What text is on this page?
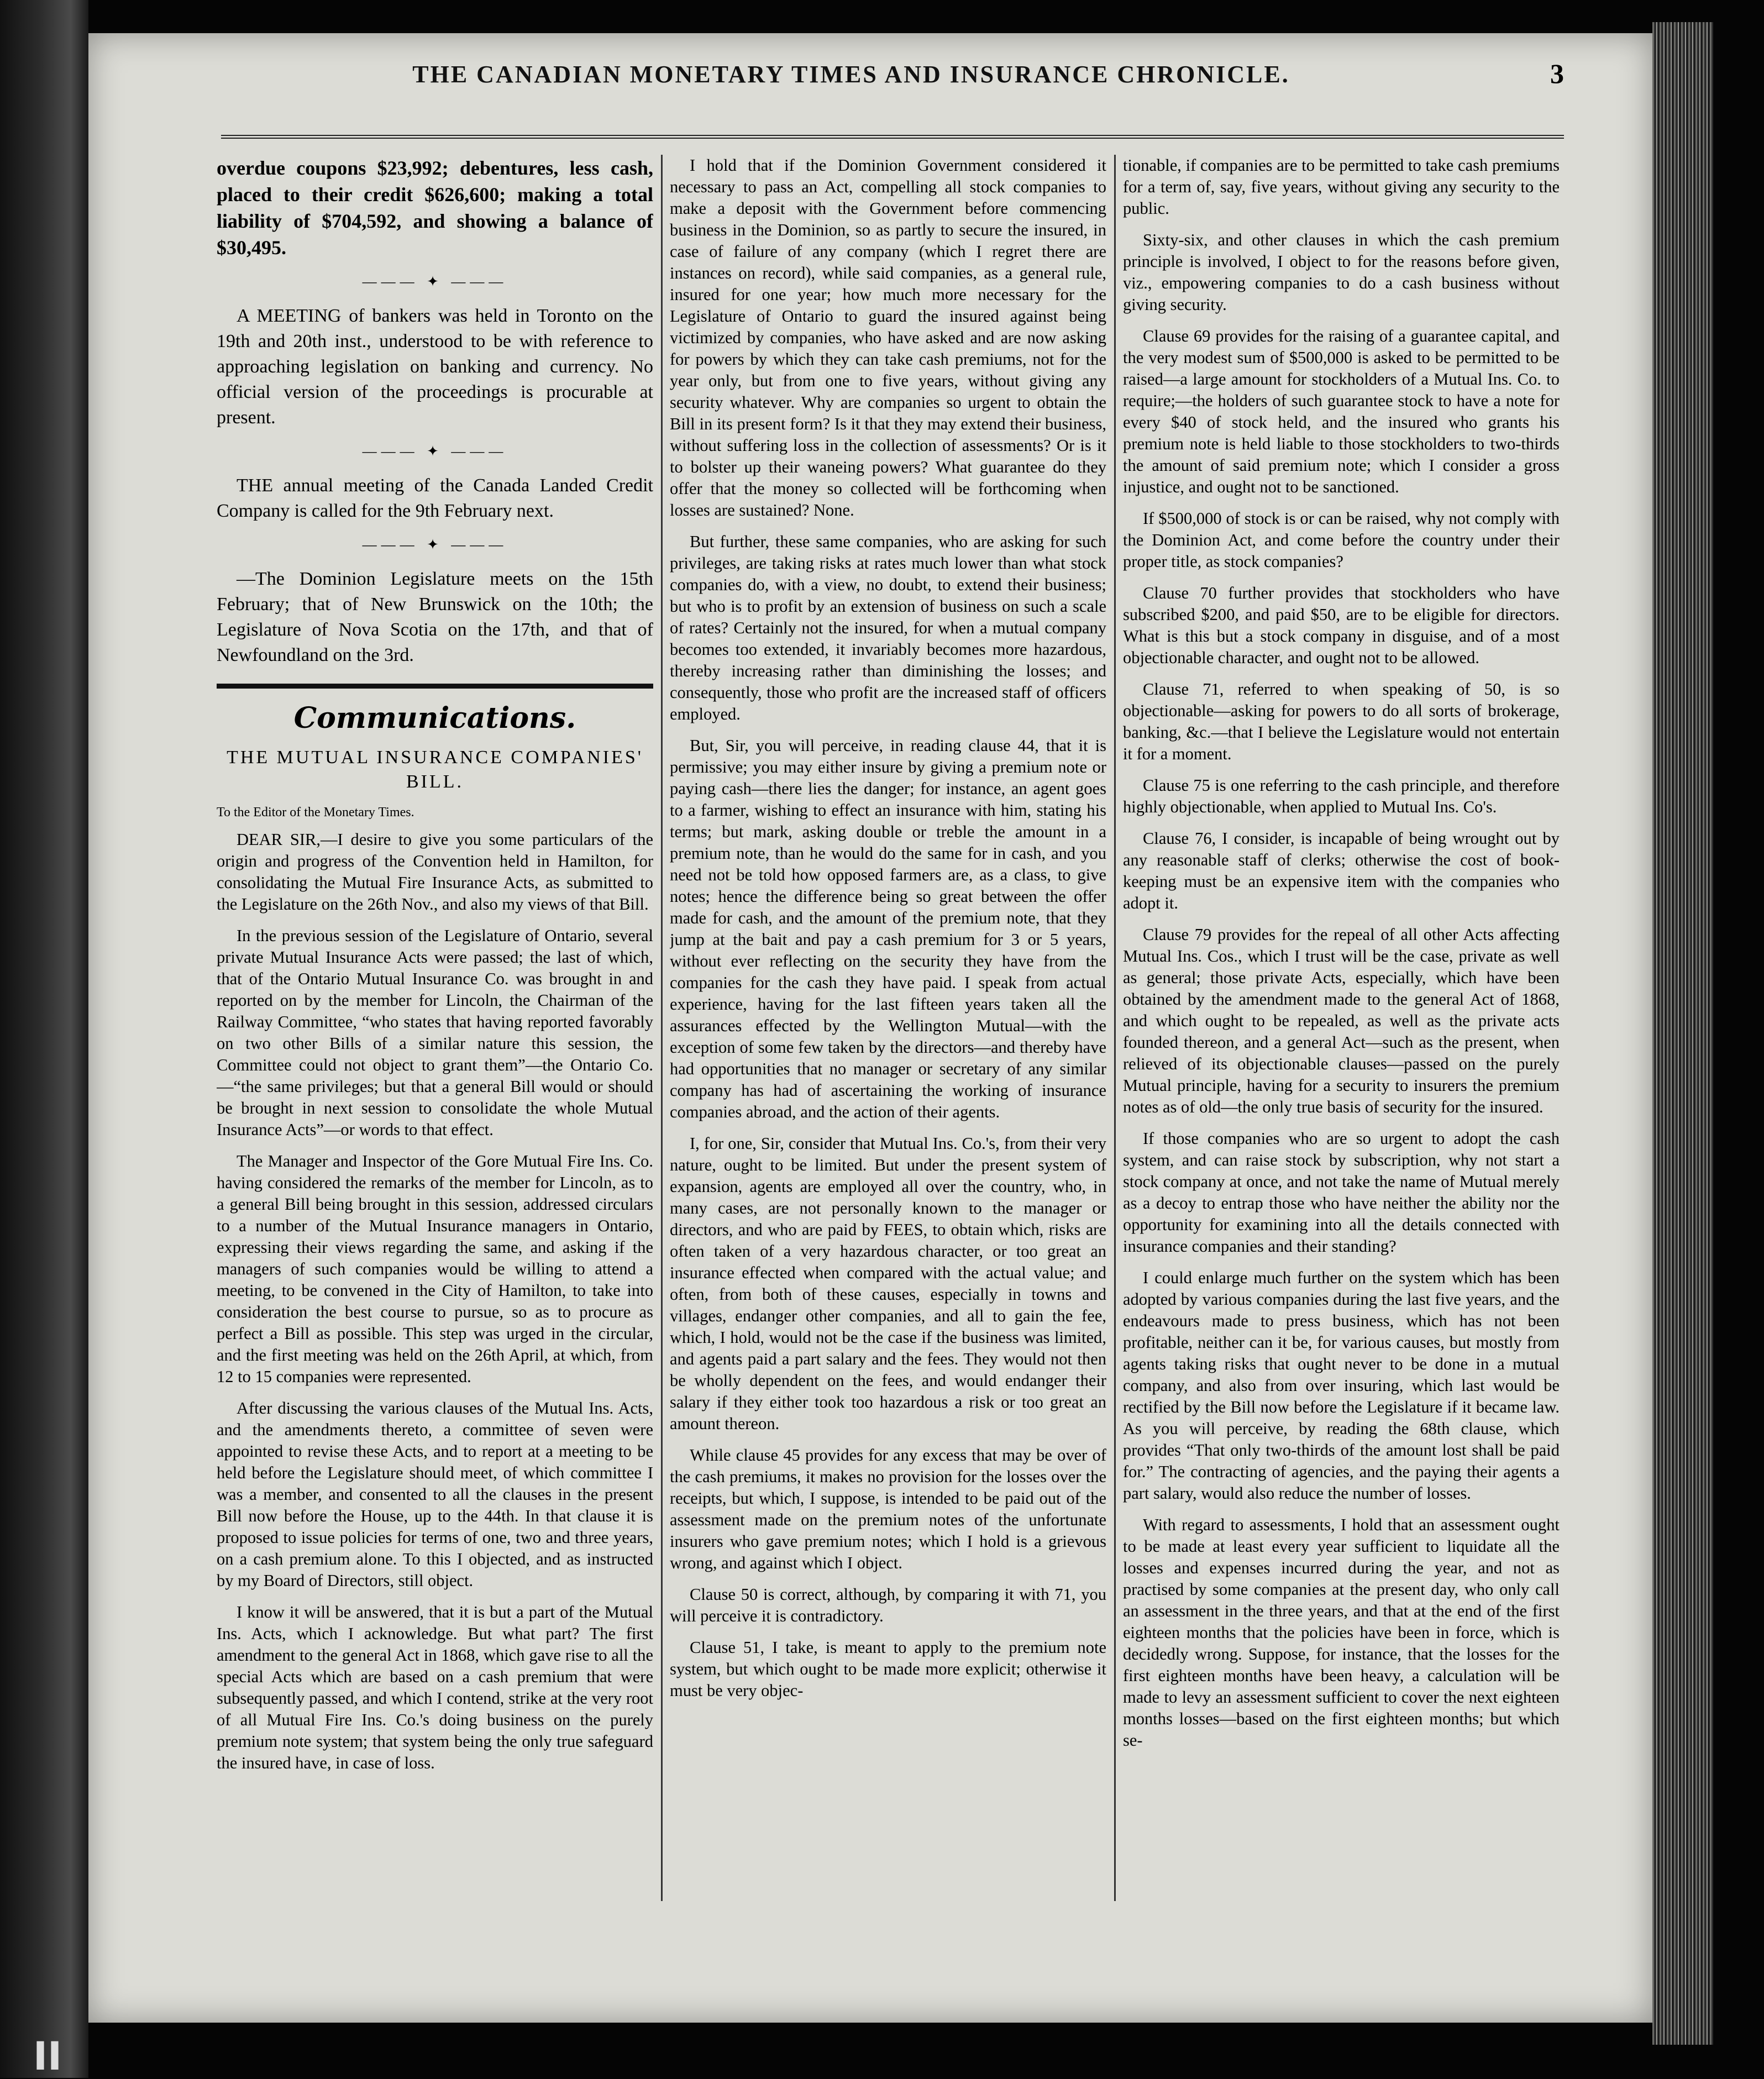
THE CANADIAN MONETARY TIMES AND INSURANCE CHRONICLE.	3

overdue coupons $23,992; debentures, less cash, placed to their credit $626,600; making a total liability of $704,592, and showing a balance of $30,495.

——— ✦ ———

A MEETING of bankers was held in Toronto on the 19th and 20th inst., understood to be with reference to approaching legislation on banking and currency. No official version of the proceedings is procurable at present.

——— ✦ ———

THE annual meeting of the Canada Landed Credit Company is called for the 9th February next.

——— ✦ ———

—The Dominion Legislature meets on the 15th February; that of New Brunswick on the 10th; the Legislature of Nova Scotia on the 17th, and that of Newfoundland on the 3rd.

Communications.
THE MUTUAL INSURANCE COMPANIES' BILL.

To the Editor of the Monetary Times.

DEAR SIR,—I desire to give you some particulars of the origin and progress of the Convention held in Hamilton, for consolidating the Mutual Fire Insurance Acts, as submitted to the Legislature on the 26th Nov., and also my views of that Bill.

In the previous session of the Legislature of Ontario, several private Mutual Insurance Acts were passed; the last of which, that of the Ontario Mutual Insurance Co. was brought in and reported on by the member for Lincoln, the Chairman of the Railway Committee, “who states that having reported favorably on two other Bills of a similar nature this session, the Committee could not object to grant them”—the Ontario Co.—“the same privileges; but that a general Bill would or should be brought in next session to consolidate the whole Mutual Insurance Acts”—or words to that effect.

The Manager and Inspector of the Gore Mutual Fire Ins. Co. having considered the remarks of the member for Lincoln, as to a general Bill being brought in this session, addressed circulars to a number of the Mutual Insurance managers in Ontario, expressing their views regarding the same, and asking if the managers of such companies would be willing to attend a meeting, to be convened in the City of Hamilton, to take into consideration the best course to pursue, so as to procure as perfect a Bill as possible. This step was urged in the circular, and the first meeting was held on the 26th April, at which, from 12 to 15 companies were represented.

After discussing the various clauses of the Mutual Ins. Acts, and the amendments thereto, a committee of seven were appointed to revise these Acts, and to report at a meeting to be held before the Legislature should meet, of which committee I was a member, and consented to all the clauses in the present Bill now before the House, up to the 44th. In that clause it is proposed to issue policies for terms of one, two and three years, on a cash premium alone. To this I objected, and as instructed by my Board of Directors, still object.

I know it will be answered, that it is but a part of the Mutual Ins. Acts, which I acknowledge. But what part? The first amendment to the general Act in 1868, which gave rise to all the special Acts which are based on a cash premium that were subsequently passed, and which I contend, strike at the very root of all Mutual Fire Ins. Co.'s doing business on the purely premium note system; that system being the only true safeguard the insured have, in case of loss.

I hold that if the Dominion Government considered it necessary to pass an Act, compelling all stock companies to make a deposit with the Government before commencing business in the Dominion, so as partly to secure the insured, in case of failure of any company (which I regret there are instances on record), while said companies, as a general rule, insured for one year; how much more necessary for the Legislature of Ontario to guard the insured against being victimized by companies, who have asked and are now asking for powers by which they can take cash premiums, not for the year only, but from one to five years, without giving any security whatever. Why are companies so urgent to obtain the Bill in its present form? Is it that they may extend their business, without suffering loss in the collection of assessments? Or is it to bolster up their waneing powers? What guarantee do they offer that the money so collected will be forthcoming when losses are sustained? None.

But further, these same companies, who are asking for such privileges, are taking risks at rates much lower than what stock companies do, with a view, no doubt, to extend their business; but who is to profit by an extension of business on such a scale of rates? Certainly not the insured, for when a mutual company becomes too extended, it invariably becomes more hazardous, thereby increasing rather than diminishing the losses; and consequently, those who profit are the increased staff of officers employed.

But, Sir, you will perceive, in reading clause 44, that it is permissive; you may either insure by giving a premium note or paying cash—there lies the danger; for instance, an agent goes to a farmer, wishing to effect an insurance with him, stating his terms; but mark, asking double or treble the amount in a premium note, than he would do the same for in cash, and you need not be told how opposed farmers are, as a class, to give notes; hence the difference being so great between the offer made for cash, and the amount of the premium note, that they jump at the bait and pay a cash premium for 3 or 5 years, without ever reflecting on the security they have from the companies for the cash they have paid. I speak from actual experience, having for the last fifteen years taken all the assurances effected by the Wellington Mutual—with the exception of some few taken by the directors—and thereby have had opportunities that no manager or secretary of any similar company has had of ascertaining the working of insurance companies abroad, and the action of their agents.

I, for one, Sir, consider that Mutual Ins. Co.'s, from their very nature, ought to be limited. But under the present system of expansion, agents are employed all over the country, who, in many cases, are not personally known to the manager or directors, and who are paid by FEES, to obtain which, risks are often taken of a very hazardous character, or too great an insurance effected when compared with the actual value; and often, from both of these causes, especially in towns and villages, endanger other companies, and all to gain the fee, which, I hold, would not be the case if the business was limited, and agents paid a part salary and the fees. They would not then be wholly dependent on the fees, and would endanger their salary if they either took too hazardous a risk or too great an amount thereon.

While clause 45 provides for any excess that may be over of the cash premiums, it makes no provision for the losses over the receipts, but which, I suppose, is intended to be paid out of the assessment made on the premium notes of the unfortunate insurers who gave premium notes; which I hold is a grievous wrong, and against which I object.

Clause 50 is correct, although, by comparing it with 71, you will perceive it is contradictory.

Clause 51, I take, is meant to apply to the premium note system, but which ought to be made more explicit; otherwise it must be very objec-

tionable, if companies are to be permitted to take cash premiums for a term of, say, five years, without giving any security to the public.

Sixty-six, and other clauses in which the cash premium principle is involved, I object to for the reasons before given, viz., empowering companies to do a cash business without giving security.

Clause 69 provides for the raising of a guarantee capital, and the very modest sum of $500,000 is asked to be permitted to be raised—a large amount for stockholders of a Mutual Ins. Co. to require;—the holders of such guarantee stock to have a note for every $40 of stock held, and the insured who grants his premium note is held liable to those stockholders to two-thirds the amount of said premium note; which I consider a gross injustice, and ought not to be sanctioned.

If $500,000 of stock is or can be raised, why not comply with the Dominion Act, and come before the country under their proper title, as stock companies?

Clause 70 further provides that stockholders who have subscribed $200, and paid $50, are to be eligible for directors. What is this but a stock company in disguise, and of a most objectionable character, and ought not to be allowed.

Clause 71, referred to when speaking of 50, is so objectionable—asking for powers to do all sorts of brokerage, banking, &c.—that I believe the Legislature would not entertain it for a moment.

Clause 75 is one referring to the cash principle, and therefore highly objectionable, when applied to Mutual Ins. Co's.

Clause 76, I consider, is incapable of being wrought out by any reasonable staff of clerks; otherwise the cost of book-keeping must be an expensive item with the companies who adopt it.

Clause 79 provides for the repeal of all other Acts affecting Mutual Ins. Cos., which I trust will be the case, private as well as general; those private Acts, especially, which have been obtained by the amendment made to the general Act of 1868, and which ought to be repealed, as well as the private acts founded thereon, and a general Act—such as the present, when relieved of its objectionable clauses—passed on the purely Mutual principle, having for a security to insurers the premium notes as of old—the only true basis of security for the insured.

If those companies who are so urgent to adopt the cash system, and can raise stock by subscription, why not start a stock company at once, and not take the name of Mutual merely as a decoy to entrap those who have neither the ability nor the opportunity for examining into all the details connected with insurance companies and their standing?

I could enlarge much further on the system which has been adopted by various companies during the last five years, and the endeavours made to press business, which has not been profitable, neither can it be, for various causes, but mostly from agents taking risks that ought never to be done in a mutual company, and also from over insuring, which last would be rectified by the Bill now before the Legislature if it became law. As you will perceive, by reading the 68th clause, which provides “That only two-thirds of the amount lost shall be paid for.” The contracting of agencies, and the paying their agents a part salary, would also reduce the number of losses.

With regard to assessments, I hold that an assessment ought to be made at least every year sufficient to liquidate all the losses and expenses incurred during the year, and not as practised by some companies at the present day, who only call an assessment in the three years, and that at the end of the first eighteen months that the policies have been in force, which is decidedly wrong. Suppose, for instance, that the losses for the first eighteen months have been heavy, a calculation will be made to levy an assessment sufficient to cover the next eighteen months losses—based on the first eighteen months; but which se-

II
